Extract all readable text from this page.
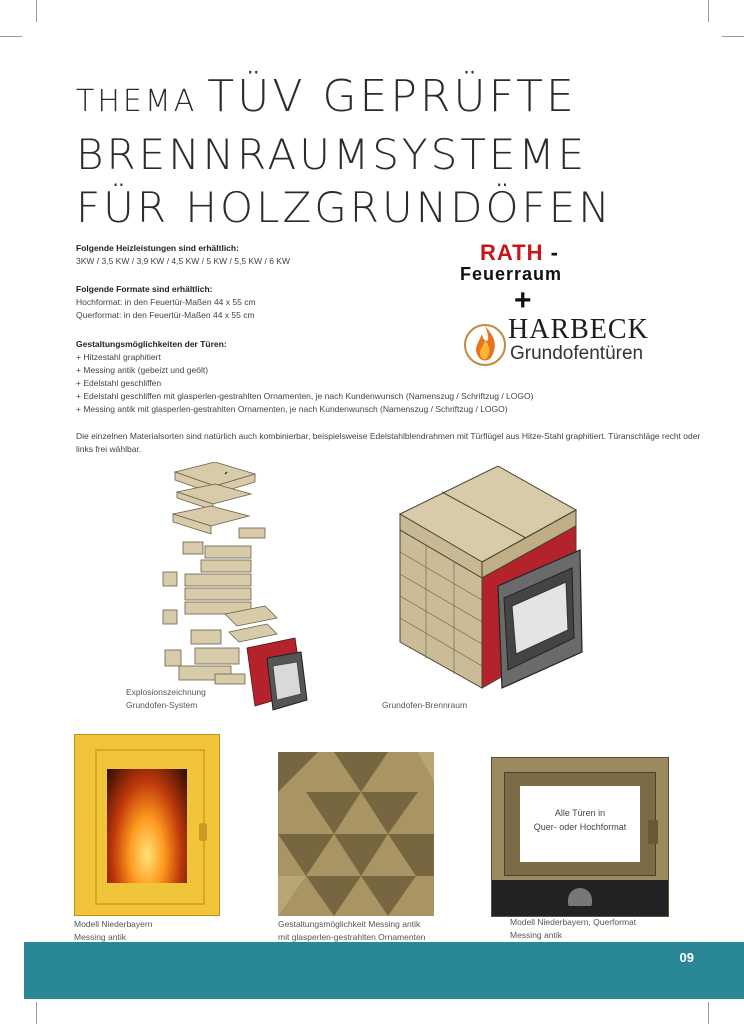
THEMA TÜV GEPRÜFTE
BRENNRAUMSYSTEME
FÜR HOLZGRUNDÖFEN
RATH -
Feuerraum
+
HARBECK
Grundofentüren
Folgende Heizleistungen sind erhältlich:
3KW / 3,5 KW / 3,9 KW / 4,5 KW / 5 KW / 5,5 KW / 6 KW
Folgende Formate sind erhältlich:
Hochformat: in den Feuertür-Maßen 44 x 55 cm
Querformat: in den Feuertür-Maßen 44 x 55 cm
Gestaltungsmöglichkeiten der Türen:
+ Hitzestahl graphitiert
+ Messing antik (gebeizt und geölt)
+ Edelstahl geschliffen
+ Edelstahl geschliffen mit glasperlen-gestrahlten Ornamenten, je nach Kundenwunsch (Namenszug / Schriftzug / LOGO)
+ Messing antik mit glasperlen-gestrahlten Ornamenten, je nach Kundenwunsch (Namenszug / Schriftzug / LOGO)
Die einzelnen Materialsorten sind natürlich auch kombinierbar, beispielsweise Edelstahlblendrahmen mit Türflügel aus Hitze-Stahl graphitiert. Türanschläge recht oder links frei wählbar.
Explosionszeichnung
Grundofen-System	Grundofen-Brennraum
Alle Türen in
Quer- oder Hochformat
Modell Niederbayern
Messing antik
Gestaltungsmöglichkeit Messing antik
mit glasperlen-gestrahlten Ornamenten
Modell Niederbayern, Querformat
Messing antik
09
